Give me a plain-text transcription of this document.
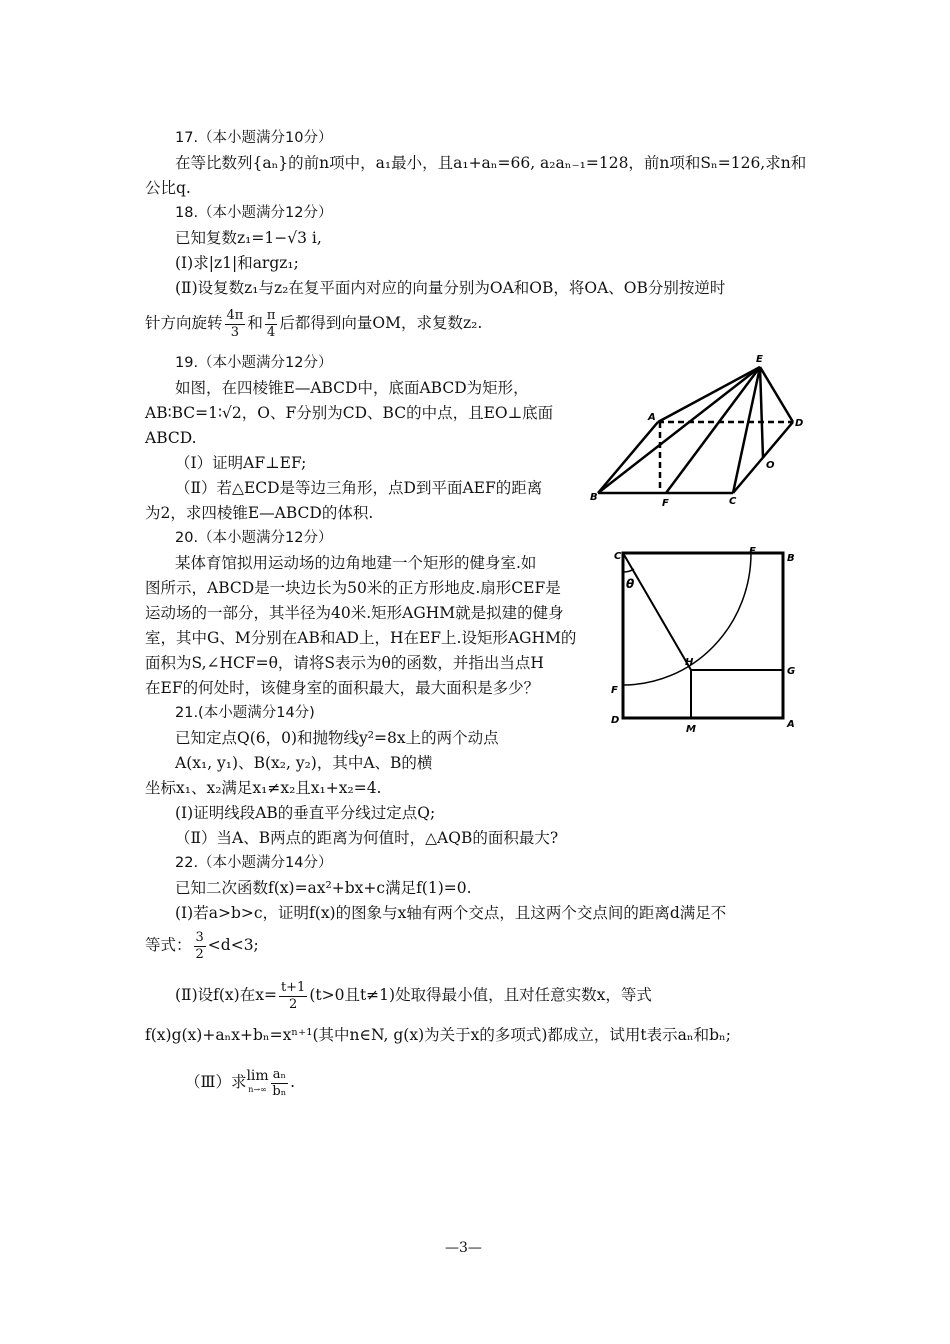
17.（本小题满分10分）
在等比数列{aₙ}的前n项中，a₁最小，且a₁+aₙ=66, a₂aₙ₋₁=128，前n项和Sₙ=126,求n和
公比q.
18.（本小题满分12分）
已知复数z₁=1−√3 i,
(Ⅰ)求|z1|和argz₁;
(Ⅱ)设复数z₁与z₂在复平面内对应的向量分别为OA和OB，将OA、OB分别按逆时
针方向旋转 $\frac{4\pi}{3}$ 和 $\frac{\pi}{4}$ 后都得到向量OM，求复数z₂.
19.（本小题满分12分）
如图，在四棱锥E—ABCD中，底面ABCD为矩形，
AB∶BC=1∶√2，O、F分别为CD、BC的中点，且EO⊥底面
ABCD.
（Ⅰ）证明AF⊥EF;
（Ⅱ）若△ECD是等边三角形，点D到平面AEF的距离
为2，求四棱锥E—ABCD的体积.
E
A
D
B
F	C
O
20.（本小题满分12分）
某体育馆拟用运动场的边角地建一个矩形的健身室.如
图所示，ABCD是一块边长为50米的正方形地皮.扇形CEF是
运动场的一部分，其半径为40米.矩形AGHM就是拟建的健身
室，其中G、M分别在AB和AD上，H在EF上.设矩形AGHM的
面积为S,∠HCF=θ，请将S表示为θ的函数，并指出当点H
在EF的何处时，该健身室的面积最大，最大面积是多少？
C	E
B
θ
H
G
F
D
M	A
21.(本小题满分14分)
已知定点Q(6，0)和抛物线y²=8x上的两个动点
A(x₁, y₁)、B(x₂, y₂)，其中A、B的横
坐标x₁、x₂满足x₁≠x₂且x₁+x₂=4.
(Ⅰ)证明线段AB的垂直平分线过定点Q;
（Ⅱ）当A、B两点的距离为何值时，△AQB的面积最大?
22.（本小题满分14分）
已知二次函数f(x)=ax²+bx+c满足f(1)=0.
(Ⅰ)若a>b>c，证明f(x)的图象与x轴有两个交点，且这两个交点间的距离d满足不
等式： $\frac{3}{2} <d<3$;
(Ⅱ)设f(x)在$x= \frac{t+1}{2} (t>0$且t≠1)处取得最小值，且对任意实数x，等式
f(x)g(x)+aₙx+bₙ=xⁿ⁺¹(其中n∈N, g(x)为关于x的多项式)都成立，试用t表示aₙ和bₙ;
（Ⅲ）求 lim
$n\to\infty \frac{\text{aₙ}}{\text{bₙ}}$ .
—3—
